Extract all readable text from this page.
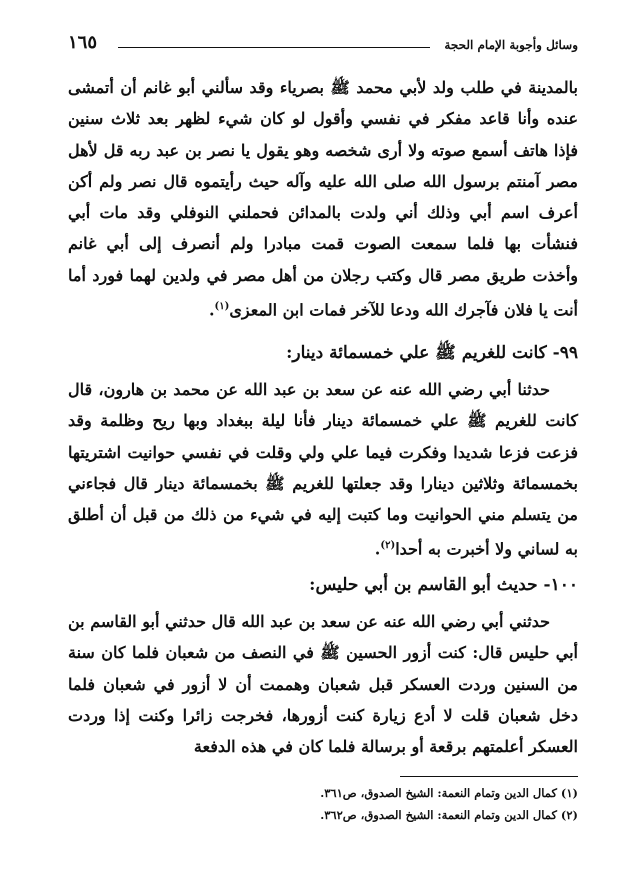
وسائل وأجوبة الإمام الحجة
١٦٥

بالمدينة في طلب ولد لأبي محمد ﷺ بصرياء وقد سألني أبو غانم أن أتمشى عنده وأنا قاعد مفكر في نفسي وأقول لو كان شيء لظهر بعد ثلاث سنين فإذا هاتف أسمع صوته ولا أرى شخصه وهو يقول يا نصر بن عبد ربه قل لأهل مصر آمنتم برسول الله صلى الله عليه وآله حيث رأيتموه قال نصر ولم أكن أعرف اسم أبي وذلك أني ولدت بالمدائن فحملني النوفلي وقد مات أبي فنشأت بها فلما سمعت الصوت قمت مبادرا ولم أنصرف إلى أبي غانم وأخذت طريق مصر قال وكتب رجلان من أهل مصر في ولدين لهما فورد أما أنت يا فلان فآجرك الله ودعا للآخر فمات ابن المعزى$^{(١)}$.

٩٩- كانت للغريم ﷺ علي خمسمائة دينار:

حدثنا أبي رضي الله عنه عن سعد بن عبد الله عن محمد بن هارون، قال كانت للغريم ﷺ علي خمسمائة دينار فأنا ليلة ببغداد وبها ريح وظلمة وقد فزعت فزعا شديدا وفكرت فيما علي ولي وقلت في نفسي حوانيت اشتريتها بخمسمائة وثلاثين دينارا وقد جعلتها للغريم ﷺ بخمسمائة دينار قال فجاءني من يتسلم مني الحوانيت وما كتبت إليه في شيء من ذلك من قبل أن أطلق به لساني ولا أخبرت به أحدا$^{(٢)}$.

١٠٠- حديث أبو القاسم بن أبي حليس:

حدثني أبي رضي الله عنه عن سعد بن عبد الله قال حدثني أبو القاسم بن أبي حليس قال: كنت أزور الحسين ﷺ في النصف من شعبان فلما كان سنة من السنين وردت العسكر قبل شعبان وهممت أن لا أزور في شعبان فلما دخل شعبان قلت لا أدع زيارة كنت أزورها، فخرجت زائرا وكنت إذا وردت العسكر أعلمتهم برقعة أو برسالة فلما كان في هذه الدفعة

(١) كمال الدين وتمام النعمة: الشيخ الصدوق، ص٣٦١.

(٢) كمال الدين وتمام النعمة: الشيخ الصدوق، ص٣٦٢.
